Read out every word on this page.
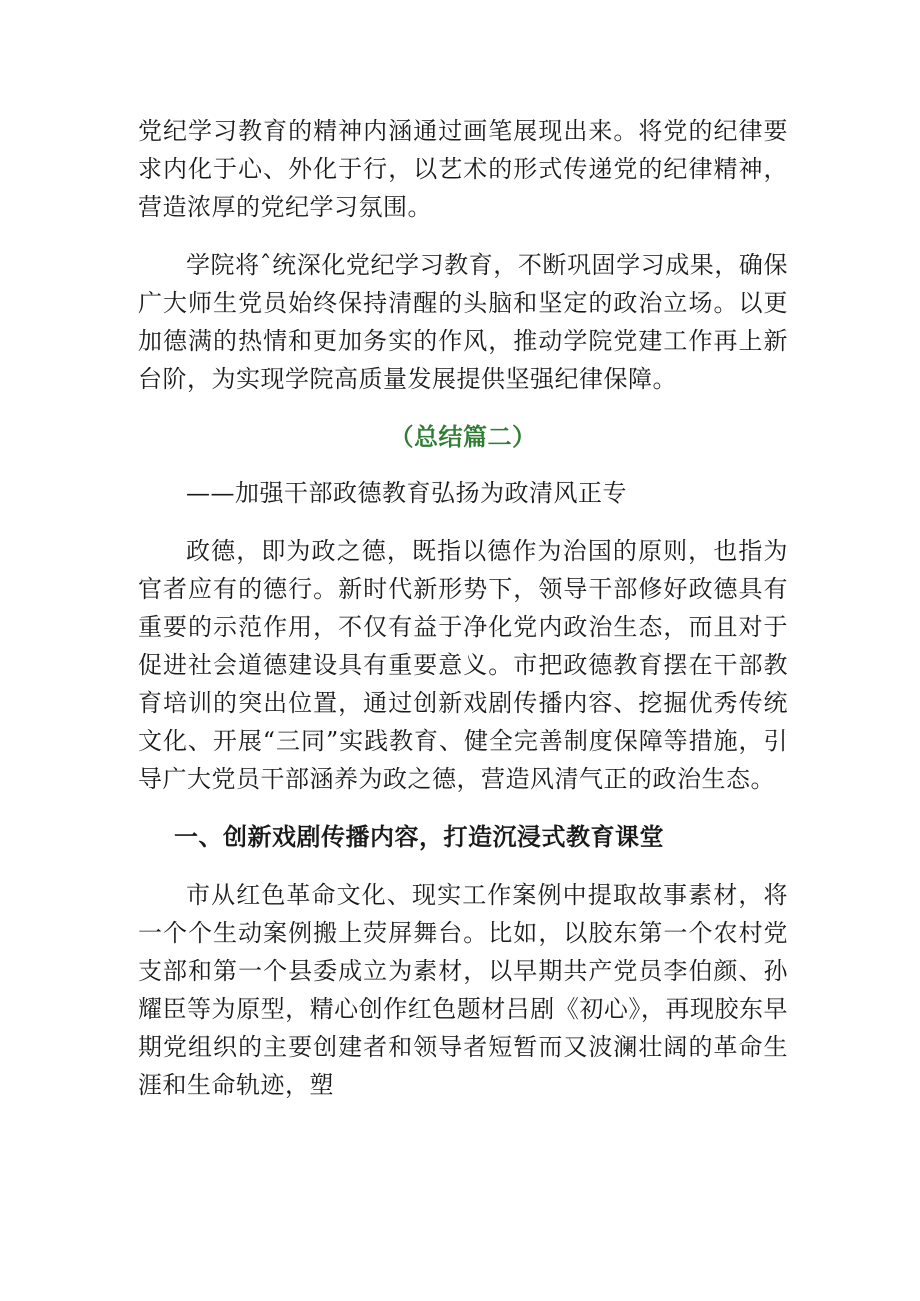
党纪学习教育的精神内涵通过画笔展现出来。将党的纪律要求内化于心、外化于行，以艺术的形式传递党的纪律精神，营造浓厚的党纪学习氛围。

学院将ˆ统深化党纪学习教育，不断巩固学习成果，确保广大师生党员始终保持清醒的头脑和坚定的政治立场。以更加德满的热情和更加务实的作风，推动学院党建工作再上新台阶，为实现学院高质量发展提供坚强纪律保障。

（总结篇二）

——加强干部政德教育弘扬为政清风正专

政德，即为政之德，既指以德作为治国的原则，也指为官者应有的德行。新时代新形势下，领导干部修好政德具有重要的示范作用，不仅有益于净化党内政治生态，而且对于促进社会道德建设具有重要意义。市把政德教育摆在干部教育培训的突出位置，通过创新戏剧传播内容、挖掘优秀传统文化、开展“三同”实践教育、健全完善制度保障等措施，引导广大党员干部涵养为政之德，营造风清气正的政治生态。

一、创新戏剧传播内容，打造沉浸式教育课堂

市从红色革命文化、现实工作案例中提取故事素材，将一个个生动案例搬上荧屏舞台。比如，以胶东第一个农村党支部和第一个县委成立为素材，以早期共产党员李伯颜、孙耀臣等为原型，精心创作红色题材吕剧《初心》，再现胶东早期党组织的主要创建者和领导者短暂而又波澜壮阔的革命生涯和生命轨迹，塑
